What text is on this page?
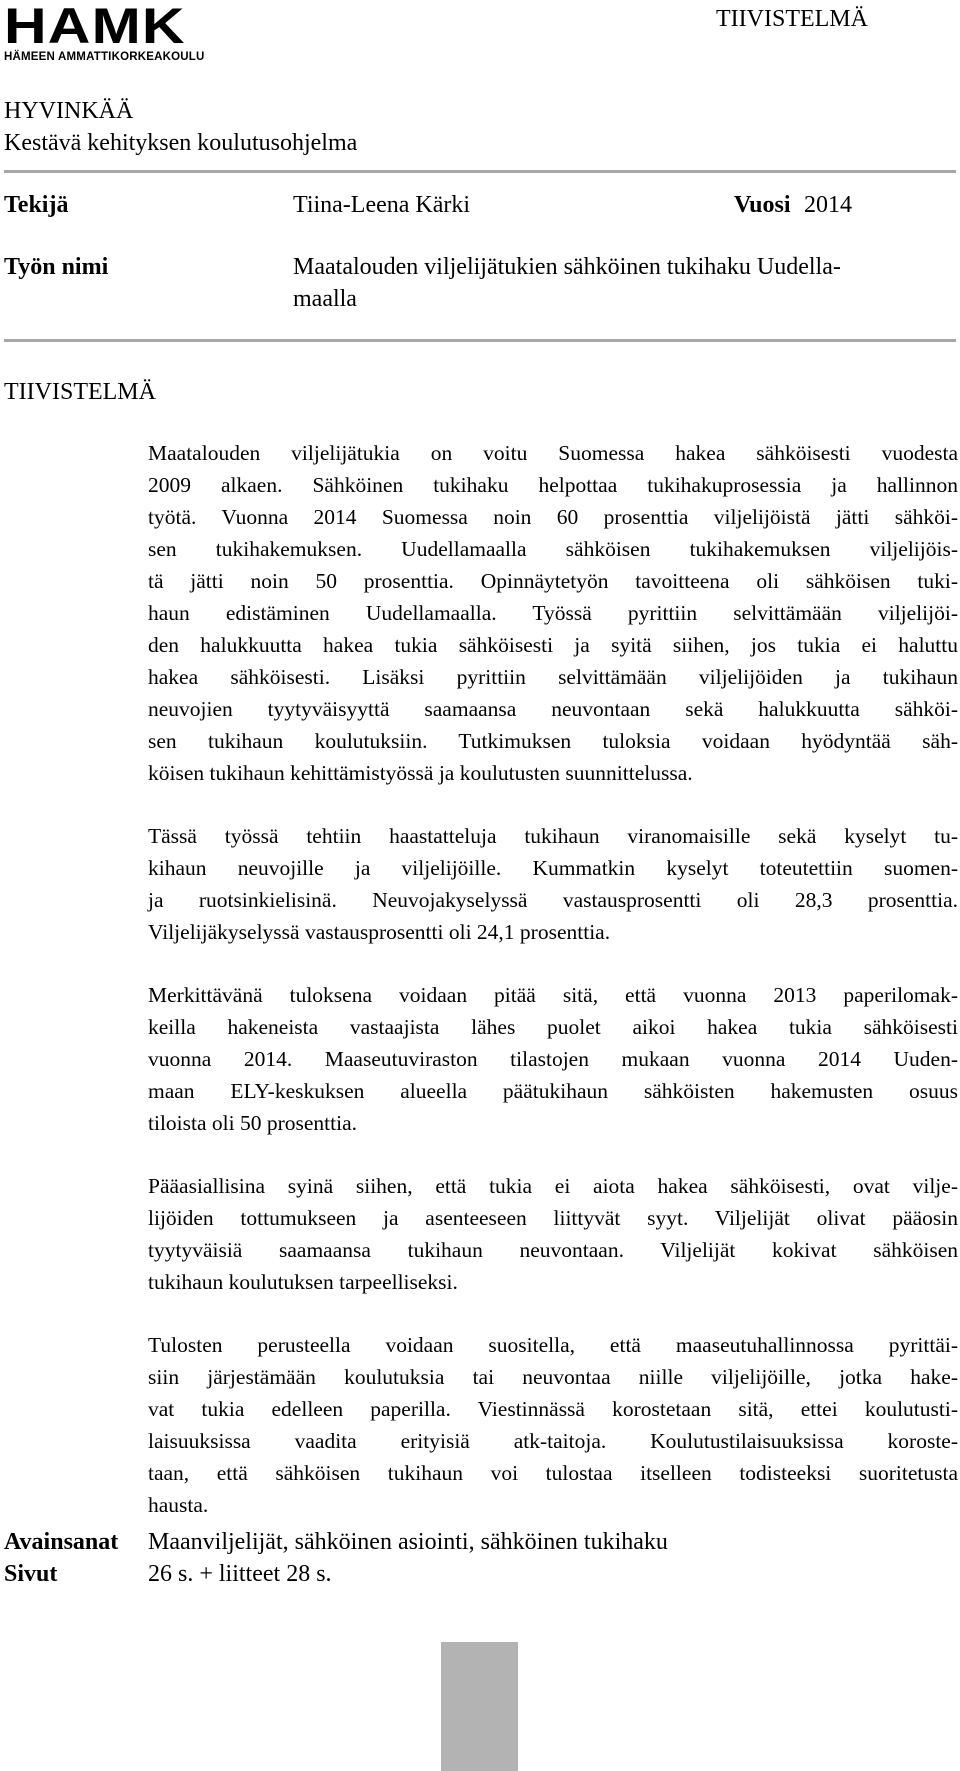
HAMK
HÄMEEN AMMATTIKORKEAKOULU
TIIVISTELMÄ
HYVINKÄÄ
Kestävä kehityksen koulutusohjelma
Tekijä	Tiina-Leena Kärki	Vuosi 2014
Työn nimi	Maatalouden viljelijätukien sähköinen tukihaku Uudella-
maalla
TIIVISTELMÄ
Maatalouden viljelijätukia on voitu Suomessa hakea sähköisesti vuodesta
2009 alkaen. Sähköinen tukihaku helpottaa tukihakuprosessia ja hallinnon
työtä. Vuonna 2014 Suomessa noin 60 prosenttia viljelijöistä jätti sähköi-
sen tukihakemuksen. Uudellamaalla sähköisen tukihakemuksen viljelijöis-
tä jätti noin 50 prosenttia. Opinnäytetyön tavoitteena oli sähköisen tuki-
haun edistäminen Uudellamaalla. Työssä pyrittiin selvittämään viljelijöi-
den halukkuutta hakea tukia sähköisesti ja syitä siihen, jos tukia ei haluttu
hakea sähköisesti. Lisäksi pyrittiin selvittämään viljelijöiden ja tukihaun
neuvojien tyytyväisyyttä saamaansa neuvontaan sekä halukkuutta sähköi-
sen tukihaun koulutuksiin. Tutkimuksen tuloksia voidaan hyödyntää säh-
köisen tukihaun kehittämistyössä ja koulutusten suunnittelussa.
Tässä työssä tehtiin haastatteluja tukihaun viranomaisille sekä kyselyt tu-
kihaun neuvojille ja viljelijöille. Kummatkin kyselyt toteutettiin suomen-
ja ruotsinkielisinä. Neuvojakyselyssä vastausprosentti oli 28,3 prosenttia.
Viljelijäkyselyssä vastausprosentti oli 24,1 prosenttia.
Merkittävänä tuloksena voidaan pitää sitä, että vuonna 2013 paperilomak-
keilla hakeneista vastaajista lähes puolet aikoi hakea tukia sähköisesti
vuonna 2014. Maaseutuviraston tilastojen mukaan vuonna 2014 Uuden-
maan ELY-keskuksen alueella päätukihaun sähköisten hakemusten osuus
tiloista oli 50 prosenttia.
Pääasiallisina syinä siihen, että tukia ei aiota hakea sähköisesti, ovat vilje-
lijöiden tottumukseen ja asenteeseen liittyvät syyt. Viljelijät olivat pääosin
tyytyväisiä saamaansa tukihaun neuvontaan. Viljelijät kokivat sähköisen
tukihaun koulutuksen tarpeelliseksi.
Tulosten perusteella voidaan suositella, että maaseutuhallinnossa pyrittäi-
siin järjestämään koulutuksia tai neuvontaa niille viljelijöille, jotka hake-
vat tukia edelleen paperilla. Viestinnässä korostetaan sitä, ettei koulutusti-
laisuuksissa vaadita erityisiä atk-taitoja. Koulutustilaisuuksissa koroste-
taan, että sähköisen tukihaun voi tulostaa itselleen todisteeksi suoritetusta
hausta.
Avainsanat Maanviljelijät, sähköinen asiointi, sähköinen tukihaku
Sivut	26 s. + liitteet 28 s.
